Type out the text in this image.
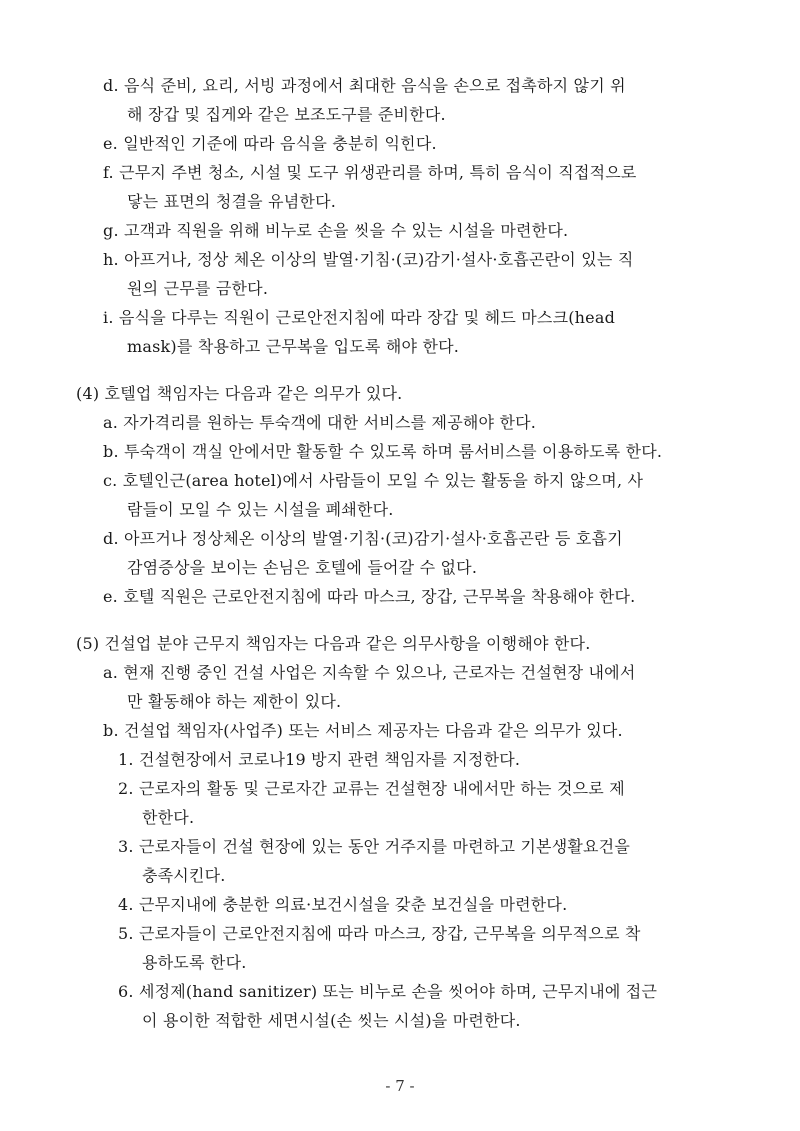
d. 음식 준비, 요리, 서빙 과정에서 최대한 음식을 손으로 접촉하지 않기 위
해 장갑 및 집게와 같은 보조도구를 준비한다.
e. 일반적인 기준에 따라 음식을 충분히 익힌다.
f. 근무지 주변 청소, 시설 및 도구 위생관리를 하며, 특히 음식이 직접적으로
닿는 표면의 청결을 유념한다.
g. 고객과 직원을 위해 비누로 손을 씻을 수 있는 시설을 마련한다.
h. 아프거나, 정상 체온 이상의 발열·기침·(코)감기·설사·호흡곤란이 있는 직
원의 근무를 금한다.
i. 음식을 다루는 직원이 근로안전지침에 따라 장갑 및 헤드 마스크(head
mask)를 착용하고 근무복을 입도록 해야 한다.
(4) 호텔업 책임자는 다음과 같은 의무가 있다.
a. 자가격리를 원하는 투숙객에 대한 서비스를 제공해야 한다.
b. 투숙객이 객실 안에서만 활동할 수 있도록 하며 룸서비스를 이용하도록 한다.
c. 호텔인근(area hotel)에서 사람들이 모일 수 있는 활동을 하지 않으며, 사
람들이 모일 수 있는 시설을 폐쇄한다.
d. 아프거나 정상체온 이상의 발열·기침·(코)감기·설사·호흡곤란 등 호흡기
감염증상을 보이는 손님은 호텔에 들어갈 수 없다.
e. 호텔 직원은 근로안전지침에 따라 마스크, 장갑, 근무복을 착용해야 한다.
(5) 건설업 분야 근무지 책임자는 다음과 같은 의무사항을 이행해야 한다.
a. 현재 진행 중인 건설 사업은 지속할 수 있으나, 근로자는 건설현장 내에서
만 활동해야 하는 제한이 있다.
b. 건설업 책임자(사업주) 또는 서비스 제공자는 다음과 같은 의무가 있다.
1. 건설현장에서 코로나19 방지 관련 책임자를 지정한다.
2. 근로자의 활동 및 근로자간 교류는 건설현장 내에서만 하는 것으로 제
한한다.
3. 근로자들이 건설 현장에 있는 동안 거주지를 마련하고 기본생활요건을
충족시킨다.
4. 근무지내에 충분한 의료·보건시설을 갖춘 보건실을 마련한다.
5. 근로자들이 근로안전지침에 따라 마스크, 장갑, 근무복을 의무적으로 착
용하도록 한다.
6. 세정제(hand sanitizer) 또는 비누로 손을 씻어야 하며, 근무지내에 접근
이 용이한 적합한 세면시설(손 씻는 시설)을 마련한다.
- 7 -
